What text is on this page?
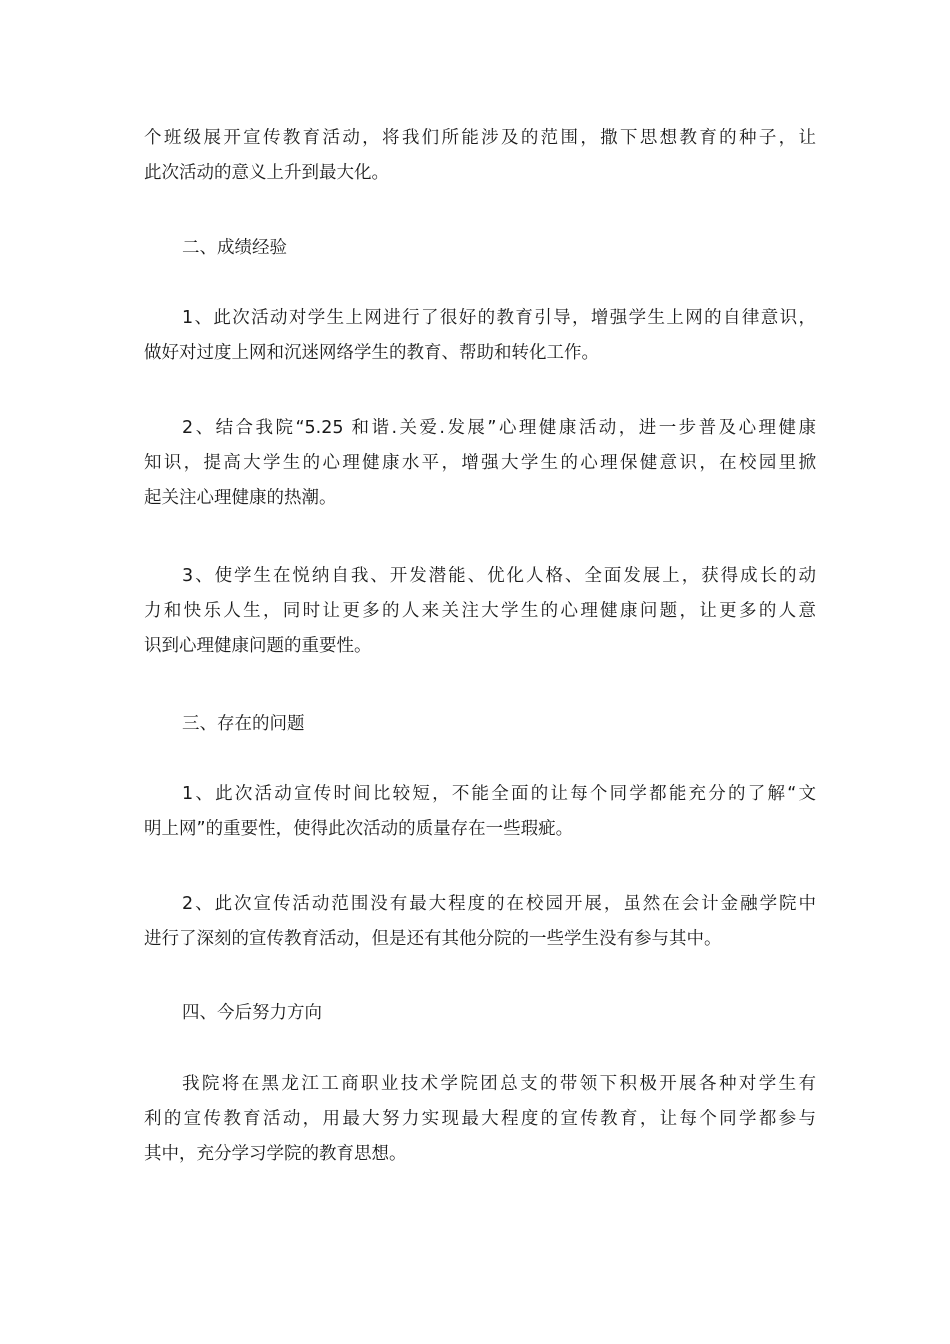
个班级展开宣传教育活动，将我们所能涉及的范围，撒下思想教育的种子，让
此次活动的意义上升到最大化。

二、成绩经验

1、此次活动对学生上网进行了很好的教育引导，增强学生上网的自律意识，
做好对过度上网和沉迷网络学生的教育、帮助和转化工作。

2、结合我院“5.25 和谐.关爱.发展”心理健康活动，进一步普及心理健康
知识，提高大学生的心理健康水平，增强大学生的心理保健意识，在校园里掀
起关注心理健康的热潮。

3、使学生在悦纳自我、开发潜能、优化人格、全面发展上，获得成长的动
力和快乐人生，同时让更多的人来关注大学生的心理健康问题，让更多的人意
识到心理健康问题的重要性。

三、存在的问题

1、此次活动宣传时间比较短，不能全面的让每个同学都能充分的了解“文
明上网”的重要性，使得此次活动的质量存在一些瑕疵。

2、此次宣传活动范围没有最大程度的在校园开展，虽然在会计金融学院中
进行了深刻的宣传教育活动，但是还有其他分院的一些学生没有参与其中。

四、今后努力方向

我院将在黑龙江工商职业技术学院团总支的带领下积极开展各种对学生有
利的宣传教育活动，用最大努力实现最大程度的宣传教育，让每个同学都参与
其中，充分学习学院的教育思想。
